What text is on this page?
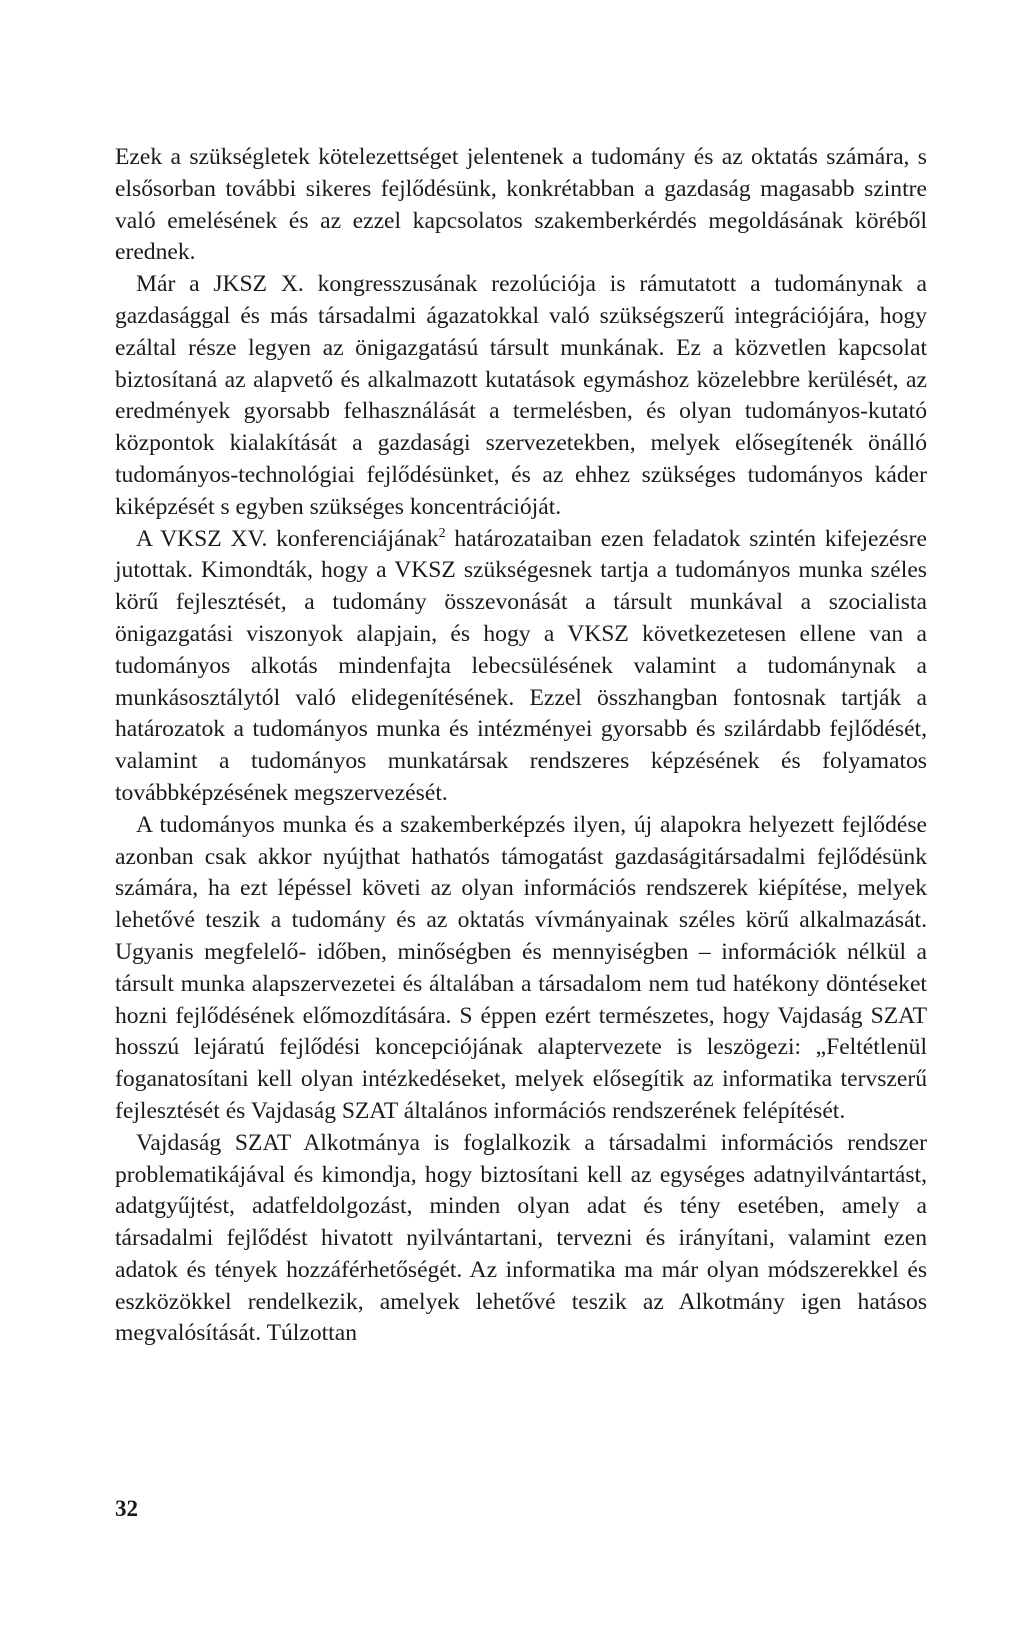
Ezek a szükségletek kötelezettséget jelentenek a tudomány és az oktatás számára, s elsősorban további sikeres fejlődésünk, konkrétabban a gazdaság magasabb szintre való emelésének és az ezzel kapcsolatos szakemberkérdés megoldásának köréből erednek.

Már a JKSZ X. kongresszusának rezolúciója is rámutatott a tudománynak a gazdasággal és más társadalmi ágazatokkal való szükségszerű integrációjára, hogy ezáltal része legyen az önigazgatású társult munkának. Ez a közvetlen kapcsolat biztosítaná az alapvető és alkalmazott kutatások egymáshoz közelebbre kerülését, az eredmények gyorsabb felhasználását a termelésben, és olyan tudományos-kutató központok kialakítását a gazdasági szervezetekben, melyek elősegítenék önálló tudományos-technológiai fejlődésünket, és az ehhez szükséges tudományos káder kiképzését s egyben szükséges koncentrációját.

A VKSZ XV. konferenciájának$^2$ határozataiban ezen feladatok szintén kifejezésre jutottak. Kimondták, hogy a VKSZ szükségesnek tartja a tudományos munka széles körű fejlesztését, a tudomány összevonását a társult munkával a szocialista önigazgatási viszonyok alapjain, és hogy a VKSZ következetesen ellene van a tudományos alkotás mindenfajta lebecsülésének valamint a tudománynak a munkásosztálytól való elidegenítésének. Ezzel összhangban fontosnak tartják a határozatok a tudományos munka és intézményei gyorsabb és szilárdabb fejlődését, valamint a tudományos munkatársak rendszeres képzésének és folyamatos továbbképzésének megszervezését.

A tudományos munka és a szakemberképzés ilyen, új alapokra helyezett fejlődése azonban csak akkor nyújthat hathatós támogatást gazdaságitársadalmi fejlődésünk számára, ha ezt lépéssel követi az olyan információs rendszerek kiépítése, melyek lehetővé teszik a tudomány és az oktatás vívmányainak széles körű alkalmazását. Ugyanis megfelelő- időben, minőségben és mennyiségben – információk nélkül a társult munka alapszervezetei és általában a társadalom nem tud hatékony döntéseket hozni fejlődésének előmozdítására. S éppen ezért természetes, hogy Vajdaság SZAT hosszú lejáratú fejlődési koncepciójának alaptervezete is leszögezi: „Feltétlenül foganatosítani kell olyan intézkedéseket, melyek elősegítik az informatika tervszerű fejlesztését és Vajdaság SZAT általános információs rendszerének felépítését.

Vajdaság SZAT Alkotmánya is foglalkozik a társadalmi információs rendszer problematikájával és kimondja, hogy biztosítani kell az egységes adatnyilvántartást, adatgyűjtést, adatfeldolgozást, minden olyan adat és tény esetében, amely a társadalmi fejlődést hivatott nyilvántartani, tervezni és irányítani, valamint ezen adatok és tények hozzáférhetőségét. Az informatika ma már olyan módszerekkel és eszközökkel rendelkezik, amelyek lehetővé teszik az Alkotmány igen hatásos megvalósítását. Túlzottan

32
